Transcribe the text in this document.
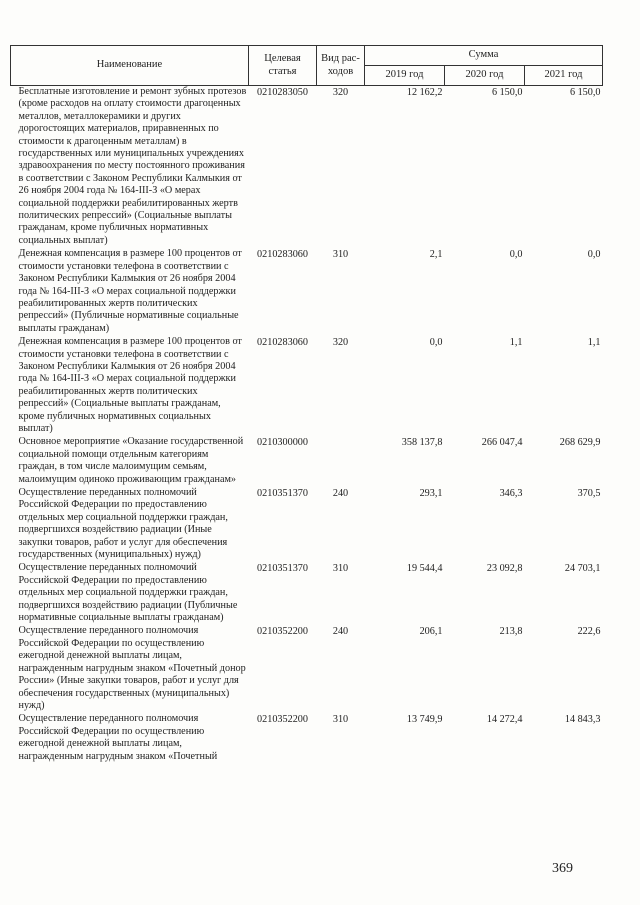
Наименование	Целевая статья	Вид рас-ходов	Сумма		
			2019 год	2020 год	2021 год
Бесплатные изготовление и ремонт зубных протезов (кроме расходов на оплату стоимости драгоценных металлов, металлокерамики и других дорогостоящих материалов, приравненных по стоимости к драгоценным металлам) в государственных или муниципальных учреждениях здравоохранения по месту постоянного проживания в соответствии с Законом Республики Калмыкия от 26 ноября 2004 года № 164-III-З «О мерах социальной поддержки реабилитированных жертв политических репрессий» (Социальные выплаты гражданам, кроме публичных нормативных социальных выплат)	0210283050	320	12 162,2	6 150,0	6 150,0
Денежная компенсация в размере 100 процентов от стоимости установки телефона в соответствии с Законом Республики Калмыкия от 26 ноября 2004 года № 164-III-З «О мерах социальной поддержки реабилитированных жертв политических репрессий» (Публичные нормативные социальные выплаты гражданам)	0210283060	310	2,1	0,0	0,0
Денежная компенсация в размере 100 процентов от стоимости установки телефона в соответствии с Законом Республики Калмыкия от 26 ноября 2004 года № 164-III-З «О мерах социальной поддержки реабилитированных жертв политических репрессий» (Социальные выплаты гражданам, кроме публичных нормативных социальных выплат)	0210283060	320	0,0	1,1	1,1
Основное мероприятие «Оказание государственной социальной помощи отдельным категориям граждан, в том числе малоимущим семьям, малоимущим одиноко проживающим гражданам»	0210300000		358 137,8	266 047,4	268 629,9
Осуществление переданных полномочий Российской Федерации по предоставлению отдельных мер социальной поддержки граждан, подвергшихся воздействию радиации (Иные закупки товаров, работ и услуг для обеспечения государственных (муниципальных) нужд)	0210351370	240	293,1	346,3	370,5
Осуществление переданных полномочий Российской Федерации по предоставлению отдельных мер социальной поддержки граждан, подвергшихся воздействию радиации (Публичные нормативные социальные выплаты гражданам)	0210351370	310	19 544,4	23 092,8	24 703,1
Осуществление переданного полномочия Российской Федерации по осуществлению ежегодной денежной выплаты лицам, награжденным нагрудным знаком «Почетный донор России» (Иные закупки товаров, работ и услуг для обеспечения государственных (муниципальных) нужд)	0210352200	240	206,1	213,8	222,6
Осуществление переданного полномочия Российской Федерации по осуществлению ежегодной денежной выплаты лицам, награжденным нагрудным знаком «Почетный	0210352200	310	13 749,9	14 272,4	14 843,3
369
